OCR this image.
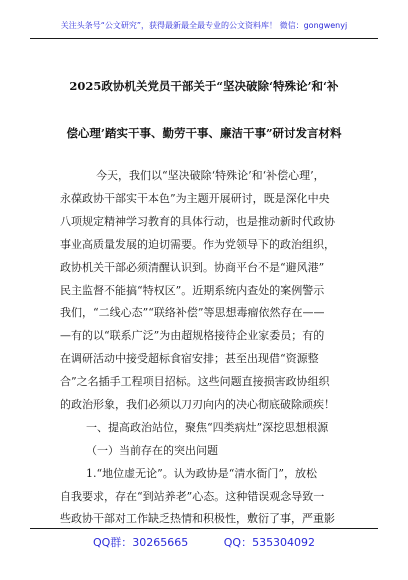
关注头条号“公文研究”，获得最新最全最专业的公文资料库！ 微信：gongwenyj
2025政协机关党员干部关于“坚决破除‘特殊论’和‘补
偿心理’踏实干事、勤劳干事、廉洁干事”研讨发言材料
今天，我们以“坚决破除‘特殊论’和‘补偿心理’，
永葆政协干部实干本色”为主题开展研讨，既是深化中央
八项规定精神学习教育的具体行动，也是推动新时代政协
事业高质量发展的迫切需要。作为党领导下的政治组织，
政协机关干部必须清醒认识到。协商平台不是“避风港”
民主监督不能搞“特权区”。近期系统内查处的案例警示
我们，“二线心态”“联络补偿”等思想毒瘤依然存在——
—有的以“联系广泛”为由超规格接待企业家委员；有的
在调研活动中接受超标食宿安排；甚至出现借“资源整
合”之名插手工程项目招标。这些问题直接损害政协组织
的政治形象，我们必须以刀刃向内的决心彻底破除顽疾！
一、提高政治站位，聚焦“四类病灶”深挖思想根源
（一）当前存在的突出问题
1.“地位虚无论”。认为政协是“清水衙门”，放松
自我要求，存在“到站养老”心态。这种错误观念导致一
些政协干部对工作缺乏热情和积极性，敷衍了事，严重影
QQ群：30265665	QQ：535304092
